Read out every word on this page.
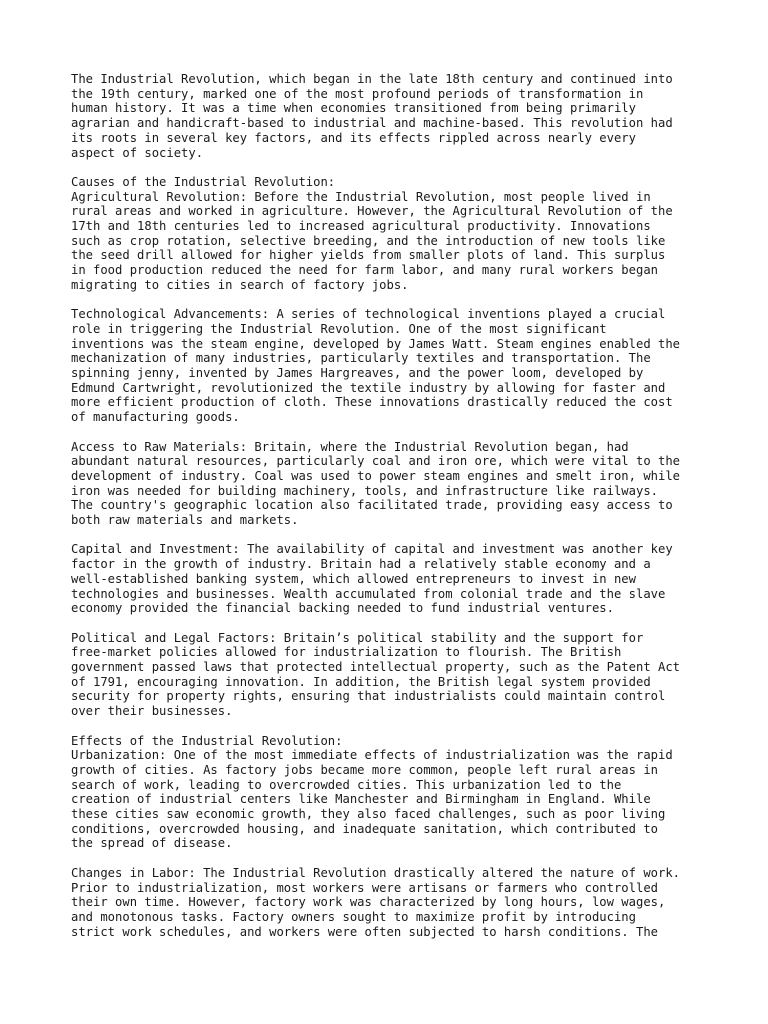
The Industrial Revolution, which began in the late 18th century and continued into
the 19th century, marked one of the most profound periods of transformation in
human history. It was a time when economies transitioned from being primarily
agrarian and handicraft-based to industrial and machine-based. This revolution had
its roots in several key factors, and its effects rippled across nearly every
aspect of society.

Causes of the Industrial Revolution:
Agricultural Revolution: Before the Industrial Revolution, most people lived in
rural areas and worked in agriculture. However, the Agricultural Revolution of the
17th and 18th centuries led to increased agricultural productivity. Innovations
such as crop rotation, selective breeding, and the introduction of new tools like
the seed drill allowed for higher yields from smaller plots of land. This surplus
in food production reduced the need for farm labor, and many rural workers began
migrating to cities in search of factory jobs.

Technological Advancements: A series of technological inventions played a crucial
role in triggering the Industrial Revolution. One of the most significant
inventions was the steam engine, developed by James Watt. Steam engines enabled the
mechanization of many industries, particularly textiles and transportation. The
spinning jenny, invented by James Hargreaves, and the power loom, developed by
Edmund Cartwright, revolutionized the textile industry by allowing for faster and
more efficient production of cloth. These innovations drastically reduced the cost
of manufacturing goods.

Access to Raw Materials: Britain, where the Industrial Revolution began, had
abundant natural resources, particularly coal and iron ore, which were vital to the
development of industry. Coal was used to power steam engines and smelt iron, while
iron was needed for building machinery, tools, and infrastructure like railways.
The country's geographic location also facilitated trade, providing easy access to
both raw materials and markets.

Capital and Investment: The availability of capital and investment was another key
factor in the growth of industry. Britain had a relatively stable economy and a
well-established banking system, which allowed entrepreneurs to invest in new
technologies and businesses. Wealth accumulated from colonial trade and the slave
economy provided the financial backing needed to fund industrial ventures.

Political and Legal Factors: Britain’s political stability and the support for
free-market policies allowed for industrialization to flourish. The British
government passed laws that protected intellectual property, such as the Patent Act
of 1791, encouraging innovation. In addition, the British legal system provided
security for property rights, ensuring that industrialists could maintain control
over their businesses.

Effects of the Industrial Revolution:
Urbanization: One of the most immediate effects of industrialization was the rapid
growth of cities. As factory jobs became more common, people left rural areas in
search of work, leading to overcrowded cities. This urbanization led to the
creation of industrial centers like Manchester and Birmingham in England. While
these cities saw economic growth, they also faced challenges, such as poor living
conditions, overcrowded housing, and inadequate sanitation, which contributed to
the spread of disease.

Changes in Labor: The Industrial Revolution drastically altered the nature of work.
Prior to industrialization, most workers were artisans or farmers who controlled
their own time. However, factory work was characterized by long hours, low wages,
and monotonous tasks. Factory owners sought to maximize profit by introducing
strict work schedules, and workers were often subjected to harsh conditions. The
